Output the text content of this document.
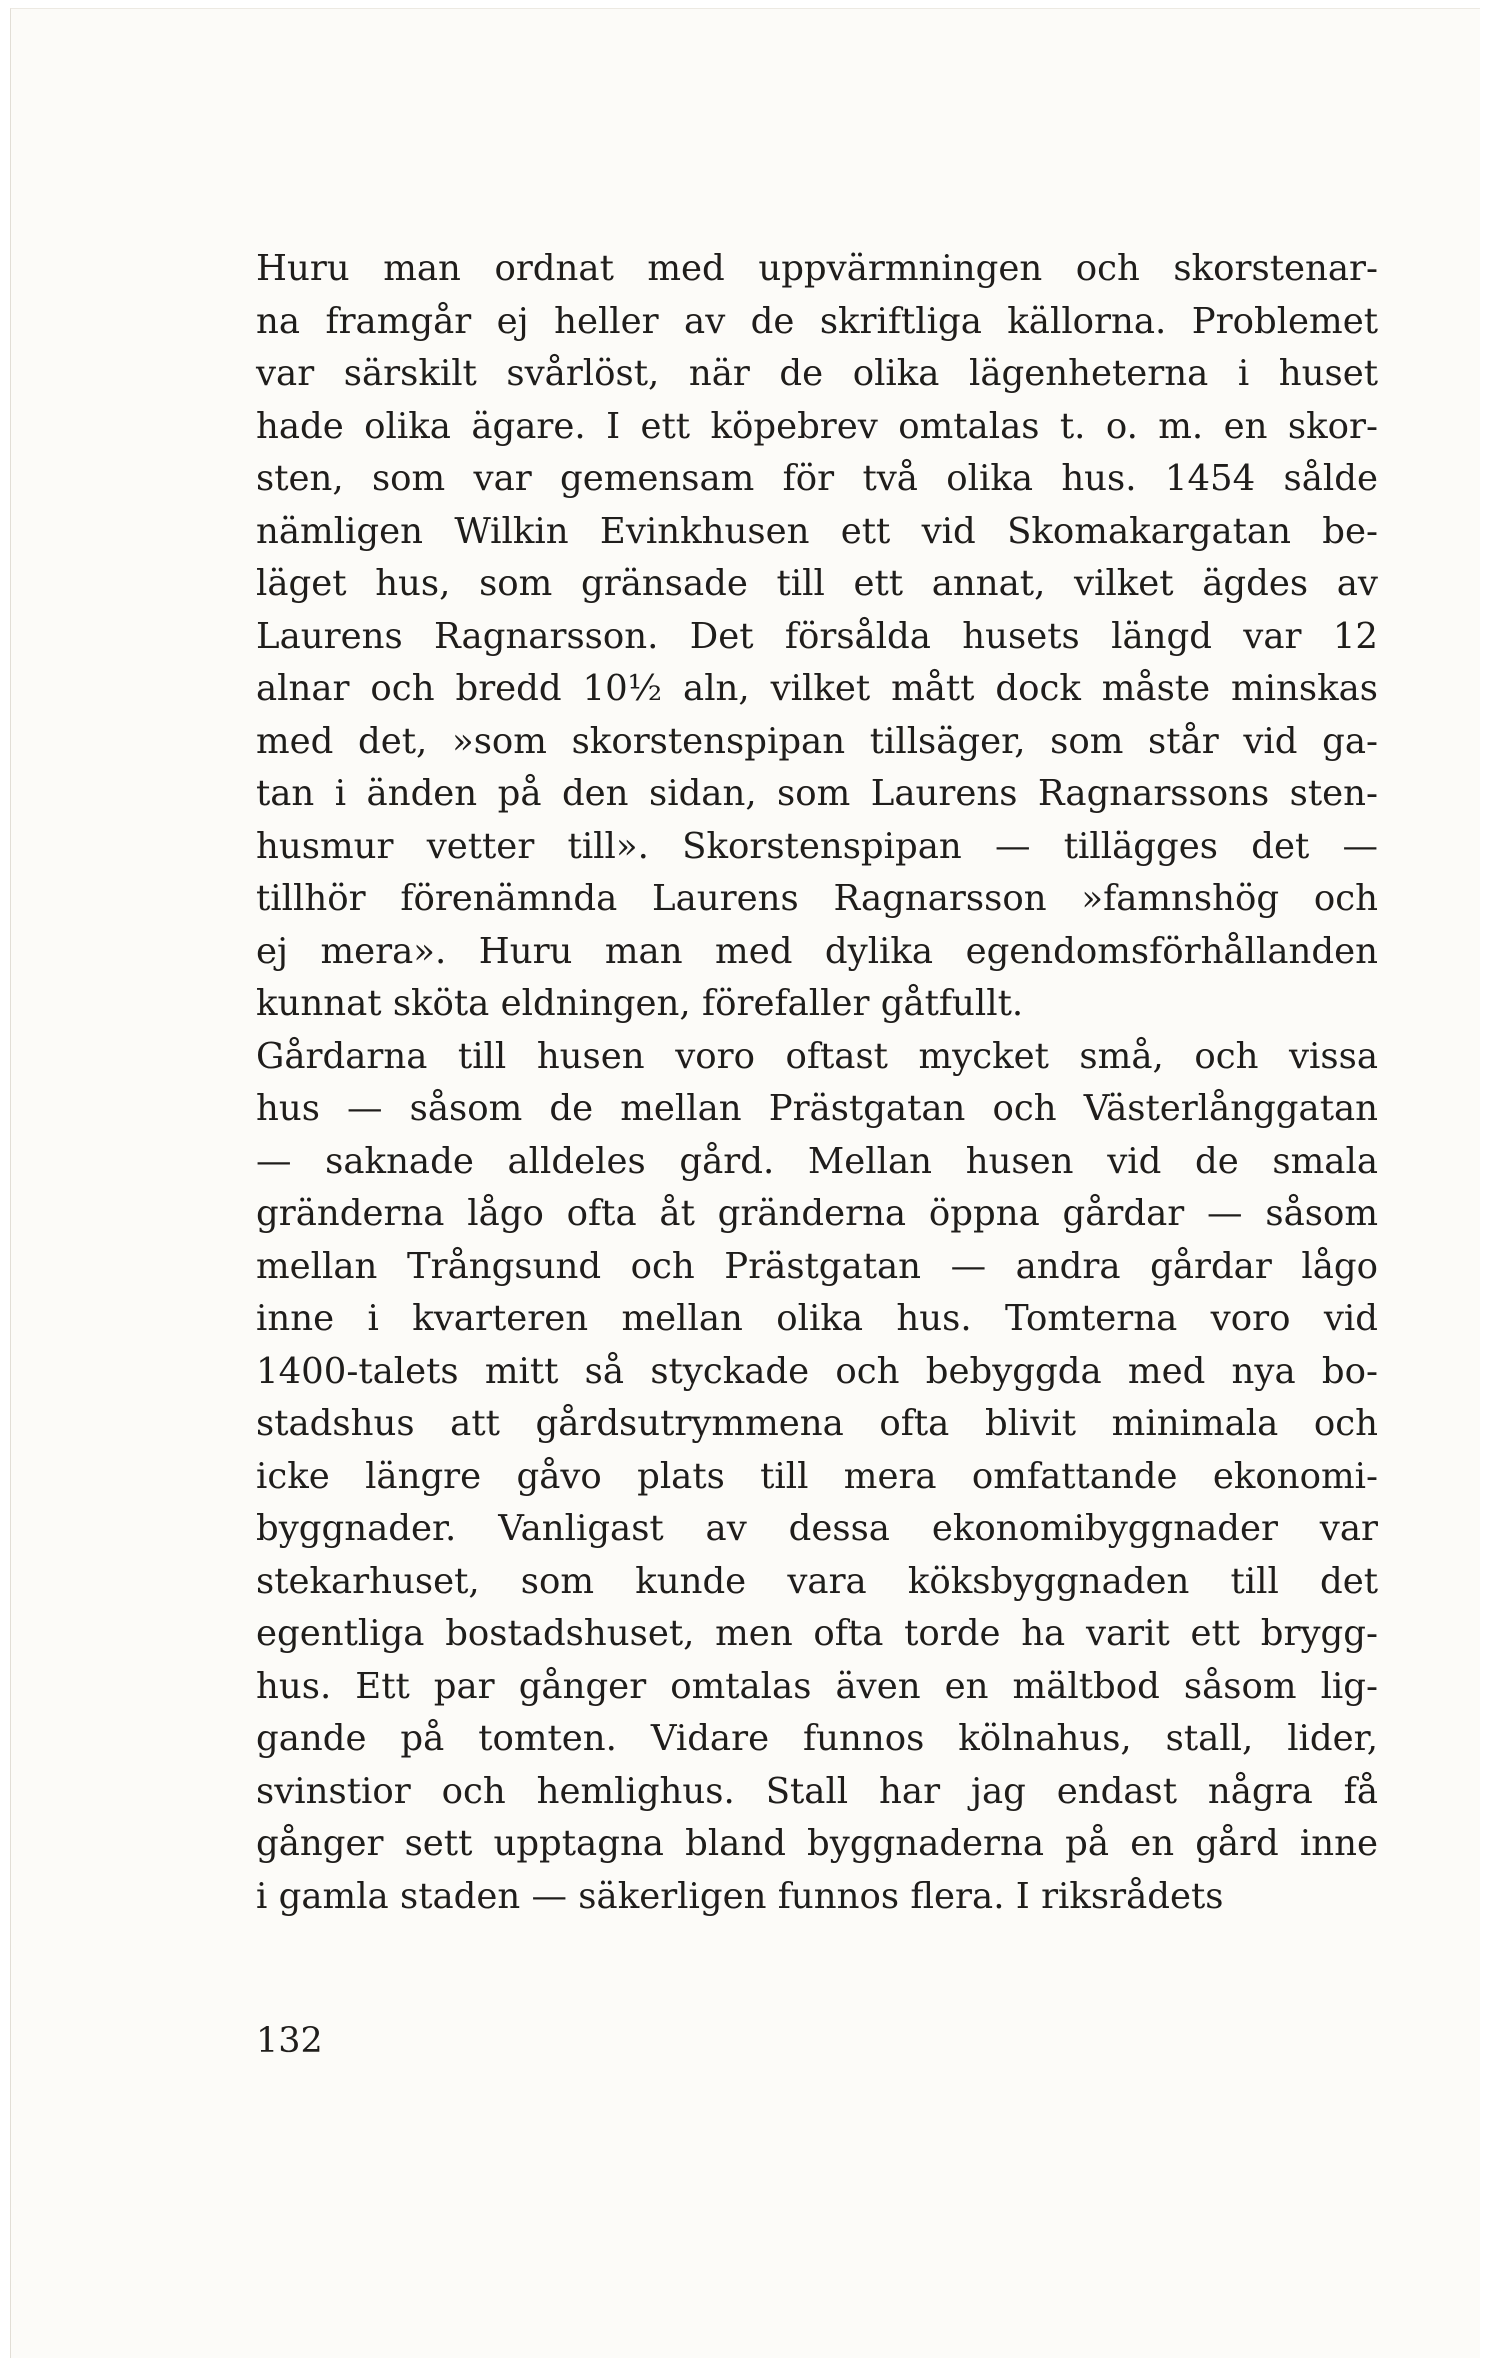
Huru man ordnat med uppvärmningen och skorstenar-
na framgår ej heller av de skriftliga källorna. Problemet
var särskilt svårlöst, när de olika lägenheterna i huset
hade olika ägare. I ett köpebrev omtalas t. o. m. en skor-
sten, som var gemensam för två olika hus. 1454 sålde
nämligen Wilkin Evinkhusen ett vid Skomakargatan be-
läget hus, som gränsade till ett annat, vilket ägdes av
Laurens Ragnarsson. Det försålda husets längd var 12
alnar och bredd 10½ aln, vilket mått dock måste minskas
med det, »som skorstenspipan tillsäger, som står vid ga-
tan i änden på den sidan, som Laurens Ragnarssons sten-
husmur vetter till». Skorstenspipan — tillägges det —
tillhör förenämnda Laurens Ragnarsson »famnshög och
ej mera». Huru man med dylika egendomsförhållanden
kunnat sköta eldningen, förefaller gåtfullt.
Gårdarna till husen voro oftast mycket små, och vissa
hus — såsom de mellan Prästgatan och Västerlånggatan
— saknade alldeles gård. Mellan husen vid de smala
gränderna lågo ofta åt gränderna öppna gårdar — såsom
mellan Trångsund och Prästgatan — andra gårdar lågo
inne i kvarteren mellan olika hus. Tomterna voro vid
1400-talets mitt så styckade och bebyggda med nya bo-
stadshus att gårdsutrymmena ofta blivit minimala och
icke längre gåvo plats till mera omfattande ekonomi-
byggnader. Vanligast av dessa ekonomibyggnader var
stekarhuset, som kunde vara köksbyggnaden till det
egentliga bostadshuset, men ofta torde ha varit ett brygg-
hus. Ett par gånger omtalas även en mältbod såsom lig-
gande på tomten. Vidare funnos kölnahus, stall, lider,
svinstior och hemlighus. Stall har jag endast några få
gånger sett upptagna bland byggnaderna på en gård inne
i gamla staden — säkerligen funnos flera. I riksrådets
132
